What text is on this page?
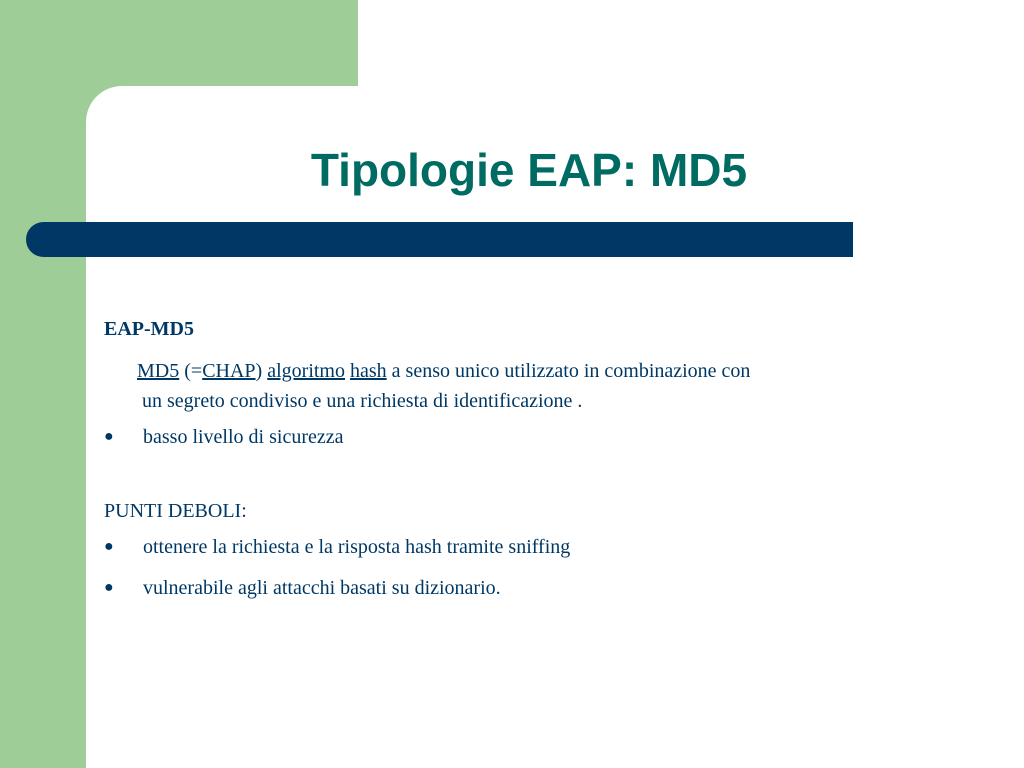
Tipologie EAP: MD5
EAP-MD5
MD5 (=CHAP) algoritmo hash a senso unico utilizzato in combinazione con
un segreto condiviso e una richiesta di identificazione .
●	basso livello di sicurezza
PUNTI DEBOLI:
●	ottenere la richiesta e la risposta hash tramite sniffing
●	vulnerabile agli attacchi basati su dizionario.
